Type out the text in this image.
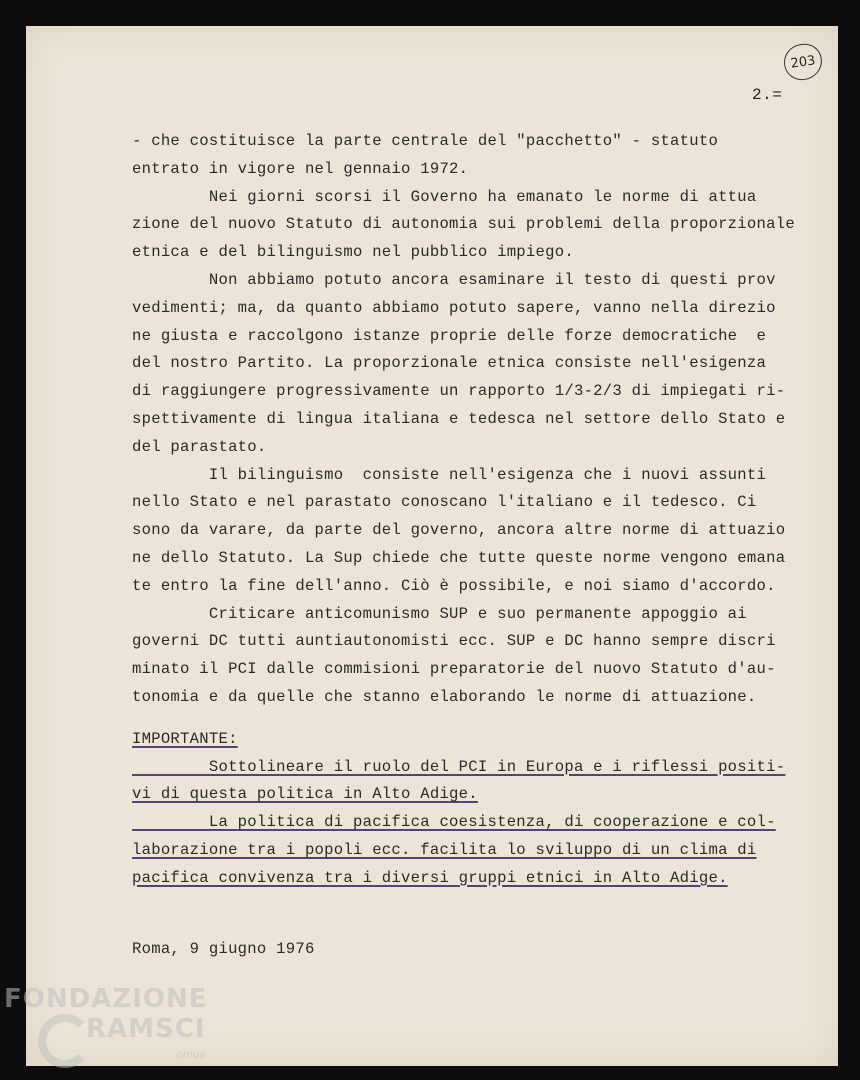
203
2.=
- che costituisce la parte centrale del "pacchetto" - statuto
entrato in vigore nel gennaio 1972.
Nei giorni scorsi il Governo ha emanato le norme di attua
zione del nuovo Statuto di autonomia sui problemi della proporzionale
etnica e del bilinguismo nel pubblico impiego.
Non abbiamo potuto ancora esaminare il testo di questi prov
vedimenti; ma, da quanto abbiamo potuto sapere, vanno nella direzio
ne giusta e raccolgono istanze proprie delle forze democratiche  e
del nostro Partito. La proporzionale etnica consiste nell'esigenza
di raggiungere progressivamente un rapporto 1/3-2/3 di impiegati ri-
spettivamente di lingua italiana e tedesca nel settore dello Stato e
del parastato.
Il bilinguismo  consiste nell'esigenza che i nuovi assunti
nello Stato e nel parastato conoscano l'italiano e il tedesco. Ci
sono da varare, da parte del governo, ancora altre norme di attuazio
ne dello Statuto. La Sup chiede che tutte queste norme vengono emana
te entro la fine dell'anno. Ciò è possibile, e noi siamo d'accordo.
Criticare anticomunismo SUP e suo permanente appoggio ai
governi DC tutti auntiautonomisti ecc. SUP e DC hanno sempre discri
minato il PCI dalle commisioni preparatorie del nuovo Statuto d'au-
tonomia e da quelle che stanno elaborando le norme di attuazione.
IMPORTANTE:
Sottolineare il ruolo del PCI in Europa e i riflessi positi-
vi di questa politica in Alto Adige.
La politica di pacifica coesistenza, di cooperazione e col-
laborazione tra i popoli ecc. facilita lo sviluppo di un clima di
pacifica convivenza tra i diversi gruppi etnici in Alto Adige.
Roma, 9 giugno 1976
FONDAZIONE
RAMSCI
onlus
